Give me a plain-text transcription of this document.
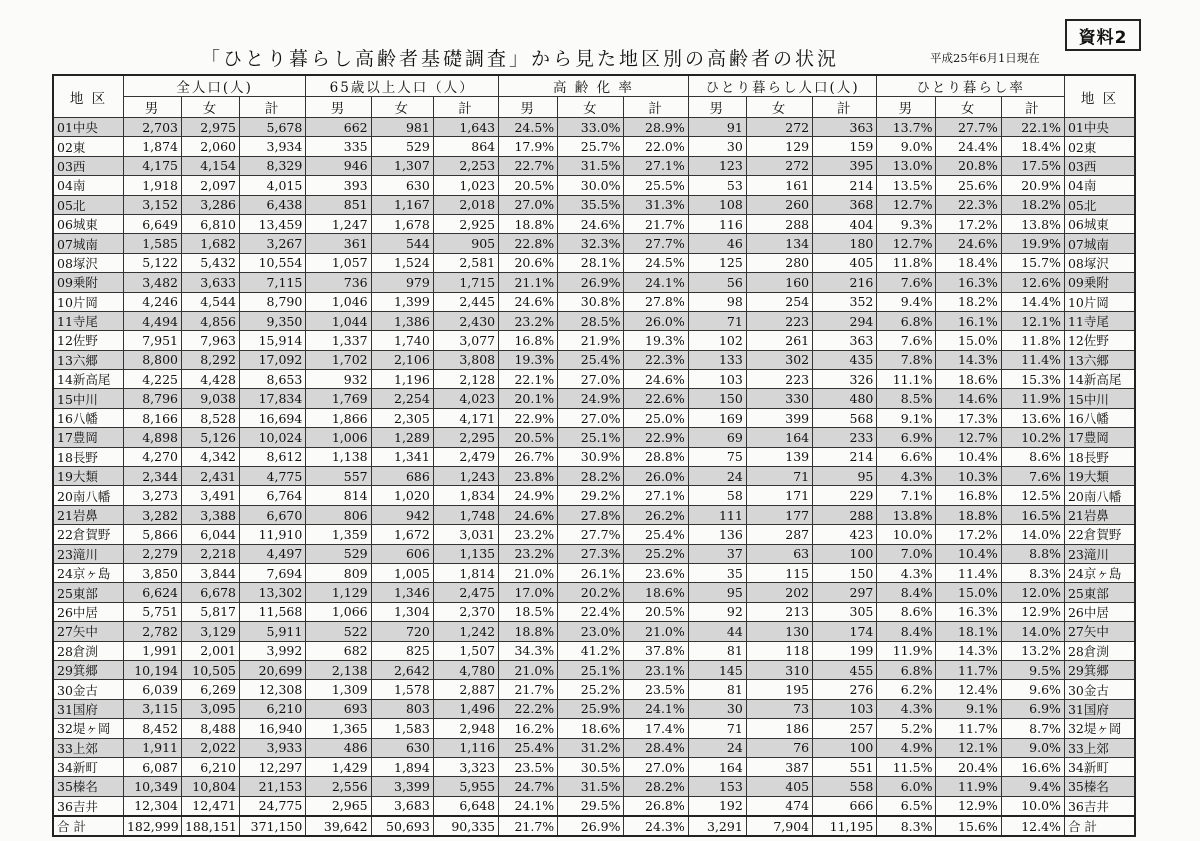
資料2
「ひとり暮らし高齢者基礎調査」から見た地区別の高齢者の状況	平成25年6月1日現在
地 区	全人口(人)			65歳以上人口（人）			高 齢 化 率			ひとり暮らし人口(人)			ひとり暮らし率			地 区
	男	女	計	男	女	計	男	女	計	男	女	計	男	女	計	
01中央	2,703	2,975	5,678	662	981	1,643	24.5%	33.0%	28.9%	91	272	363	13.7%	27.7%	22.1%	01中央
02東	1,874	2,060	3,934	335	529	864	17.9%	25.7%	22.0%	30	129	159	9.0%	24.4%	18.4%	02東
03西	4,175	4,154	8,329	946	1,307	2,253	22.7%	31.5%	27.1%	123	272	395	13.0%	20.8%	17.5%	03西
04南	1,918	2,097	4,015	393	630	1,023	20.5%	30.0%	25.5%	53	161	214	13.5%	25.6%	20.9%	04南
05北	3,152	3,286	6,438	851	1,167	2,018	27.0%	35.5%	31.3%	108	260	368	12.7%	22.3%	18.2%	05北
06城東	6,649	6,810	13,459	1,247	1,678	2,925	18.8%	24.6%	21.7%	116	288	404	9.3%	17.2%	13.8%	06城東
07城南	1,585	1,682	3,267	361	544	905	22.8%	32.3%	27.7%	46	134	180	12.7%	24.6%	19.9%	07城南
08塚沢	5,122	5,432	10,554	1,057	1,524	2,581	20.6%	28.1%	24.5%	125	280	405	11.8%	18.4%	15.7%	08塚沢
09乗附	3,482	3,633	7,115	736	979	1,715	21.1%	26.9%	24.1%	56	160	216	7.6%	16.3%	12.6%	09乗附
10片岡	4,246	4,544	8,790	1,046	1,399	2,445	24.6%	30.8%	27.8%	98	254	352	9.4%	18.2%	14.4%	10片岡
11寺尾	4,494	4,856	9,350	1,044	1,386	2,430	23.2%	28.5%	26.0%	71	223	294	6.8%	16.1%	12.1%	11寺尾
12佐野	7,951	7,963	15,914	1,337	1,740	3,077	16.8%	21.9%	19.3%	102	261	363	7.6%	15.0%	11.8%	12佐野
13六郷	8,800	8,292	17,092	1,702	2,106	3,808	19.3%	25.4%	22.3%	133	302	435	7.8%	14.3%	11.4%	13六郷
14新高尾	4,225	4,428	8,653	932	1,196	2,128	22.1%	27.0%	24.6%	103	223	326	11.1%	18.6%	15.3%	14新高尾
15中川	8,796	9,038	17,834	1,769	2,254	4,023	20.1%	24.9%	22.6%	150	330	480	8.5%	14.6%	11.9%	15中川
16八幡	8,166	8,528	16,694	1,866	2,305	4,171	22.9%	27.0%	25.0%	169	399	568	9.1%	17.3%	13.6%	16八幡
17豊岡	4,898	5,126	10,024	1,006	1,289	2,295	20.5%	25.1%	22.9%	69	164	233	6.9%	12.7%	10.2%	17豊岡
18長野	4,270	4,342	8,612	1,138	1,341	2,479	26.7%	30.9%	28.8%	75	139	214	6.6%	10.4%	8.6%	18長野
19大類	2,344	2,431	4,775	557	686	1,243	23.8%	28.2%	26.0%	24	71	95	4.3%	10.3%	7.6%	19大類
20南八幡	3,273	3,491	6,764	814	1,020	1,834	24.9%	29.2%	27.1%	58	171	229	7.1%	16.8%	12.5%	20南八幡
21岩鼻	3,282	3,388	6,670	806	942	1,748	24.6%	27.8%	26.2%	111	177	288	13.8%	18.8%	16.5%	21岩鼻
22倉賀野	5,866	6,044	11,910	1,359	1,672	3,031	23.2%	27.7%	25.4%	136	287	423	10.0%	17.2%	14.0%	22倉賀野
23滝川	2,279	2,218	4,497	529	606	1,135	23.2%	27.3%	25.2%	37	63	100	7.0%	10.4%	8.8%	23滝川
24京ヶ島	3,850	3,844	7,694	809	1,005	1,814	21.0%	26.1%	23.6%	35	115	150	4.3%	11.4%	8.3%	24京ヶ島
25東部	6,624	6,678	13,302	1,129	1,346	2,475	17.0%	20.2%	18.6%	95	202	297	8.4%	15.0%	12.0%	25東部
26中居	5,751	5,817	11,568	1,066	1,304	2,370	18.5%	22.4%	20.5%	92	213	305	8.6%	16.3%	12.9%	26中居
27矢中	2,782	3,129	5,911	522	720	1,242	18.8%	23.0%	21.0%	44	130	174	8.4%	18.1%	14.0%	27矢中
28倉渕	1,991	2,001	3,992	682	825	1,507	34.3%	41.2%	37.8%	81	118	199	11.9%	14.3%	13.2%	28倉渕
29箕郷	10,194	10,505	20,699	2,138	2,642	4,780	21.0%	25.1%	23.1%	145	310	455	6.8%	11.7%	9.5%	29箕郷
30金古	6,039	6,269	12,308	1,309	1,578	2,887	21.7%	25.2%	23.5%	81	195	276	6.2%	12.4%	9.6%	30金古
31国府	3,115	3,095	6,210	693	803	1,496	22.2%	25.9%	24.1%	30	73	103	4.3%	9.1%	6.9%	31国府
32堤ヶ岡	8,452	8,488	16,940	1,365	1,583	2,948	16.2%	18.6%	17.4%	71	186	257	5.2%	11.7%	8.7%	32堤ヶ岡
33上郊	1,911	2,022	3,933	486	630	1,116	25.4%	31.2%	28.4%	24	76	100	4.9%	12.1%	9.0%	33上郊
34新町	6,087	6,210	12,297	1,429	1,894	3,323	23.5%	30.5%	27.0%	164	387	551	11.5%	20.4%	16.6%	34新町
35榛名	10,349	10,804	21,153	2,556	3,399	5,955	24.7%	31.5%	28.2%	153	405	558	6.0%	11.9%	9.4%	35榛名
36吉井	12,304	12,471	24,775	2,965	3,683	6,648	24.1%	29.5%	26.8%	192	474	666	6.5%	12.9%	10.0%	36吉井
合 計	182,999	188,151	371,150	39,642	50,693	90,335	21.7%	26.9%	24.3%	3,291	7,904	11,195	8.3%	15.6%	12.4%	合 計
